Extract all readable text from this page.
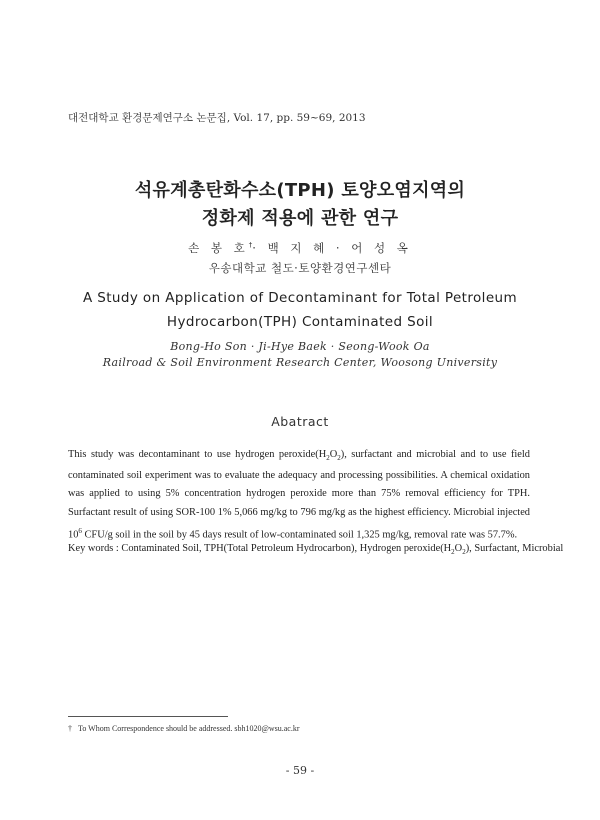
대전대학교 환경문제연구소 논문집, Vol. 17, pp. 59~69, 2013
석유계총탄화수소(TPH) 토양오염지역의
정화제 적용에 관한 연구
손 봉 호†· 백 지 혜 · 어 성 옥
우송대학교 철도·토양환경연구센타
A Study on Application of Decontaminant for Total Petroleum
Hydrocarbon(TPH) Contaminated Soil
Bong-Ho Son · Ji-Hye Baek · Seong-Wook Oa
Railroad & Soil Environment Research Center, Woosong University
Abatract
This study was decontaminant to use hydrogen $peroxide(H_2O_2)$, surfactant and microbial and to use field contaminated soil experiment was to evaluate the adequacy and processing possibilities. A chemical oxidation was applied to using 5% concentration hydrogen peroxide more than 75% removal efficiency for TPH. Surfactant result of using SOR-100 1% 5,066 mg/kg to 796 mg/kg as the highest efficiency. Microbial injected $10^6$ CFU/g soil in the soil by 45 days result of low-contaminated soil 1,325 mg/kg, removal rate was 57.7%.
Key words : Contaminated Soil, TPH(Total Petroleum Hydrocarbon), Hydrogen $peroxide(H_2O_2)$, Surfactant, Microbial
† To Whom Correspondence should be addressed. sbh1020@wsu.ac.kr
- 59 -
